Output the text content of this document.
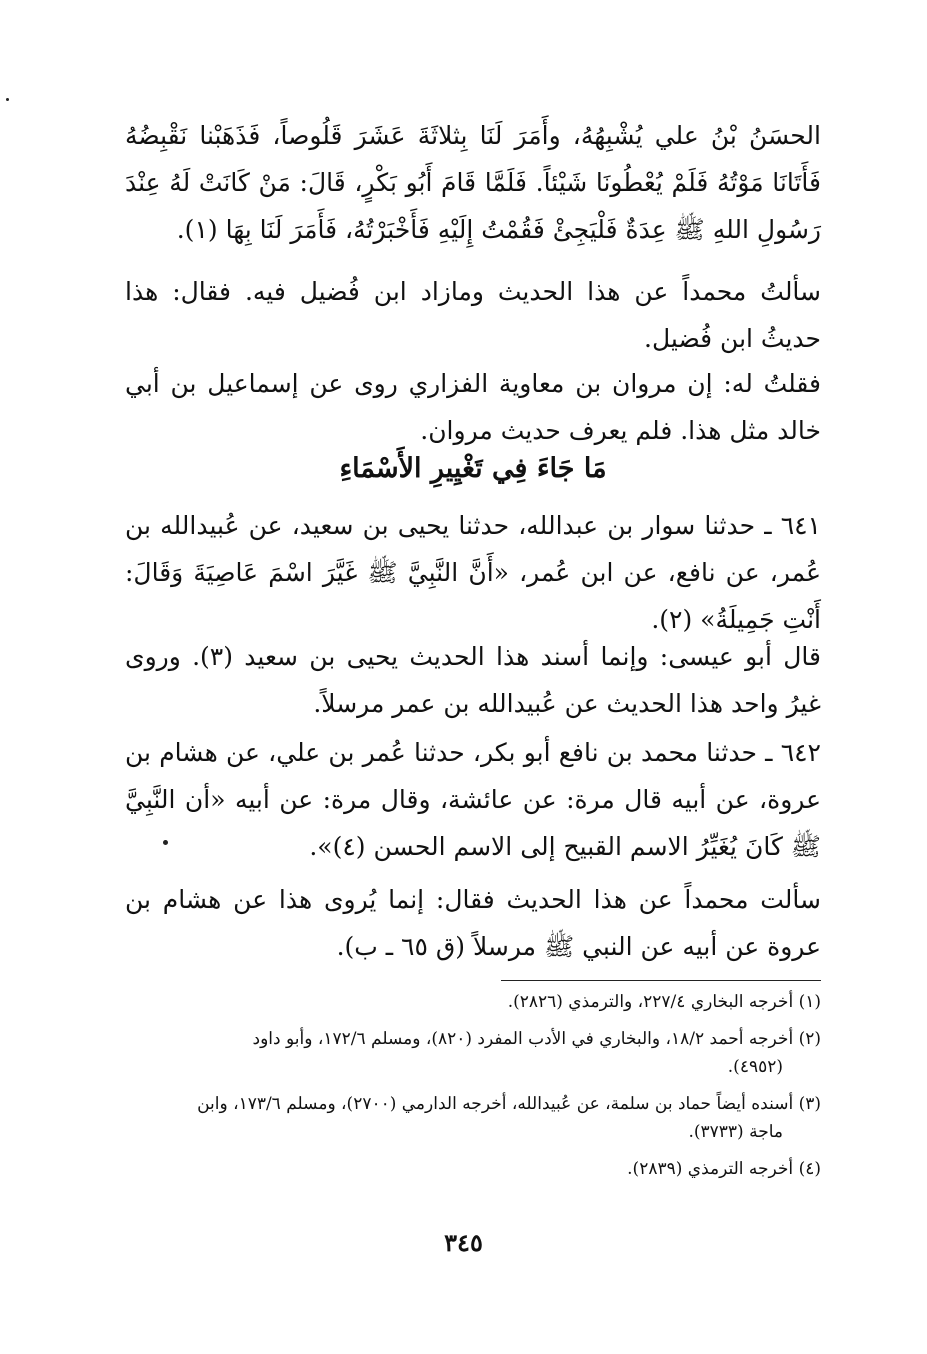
الحسَنُ بْنُ علي يُشْبِهُهُ، وأَمَرَ لَنَا بِثلاثَةَ عَشَرَ قَلُوصاً، فَذَهَبْنا نَقْبِضُهُ فَأَتَانَا مَوْتُهُ فَلَمْ يُعْطُونَا شَيْئاً. فَلَمَّا قَامَ أَبُو بَكْرٍ، قَالَ: مَنْ كَانَتْ لَهُ عِنْدَ رَسُولِ اللهِ ﷺ عِدَةٌ فَلْيَجِئْ فَقُمْتُ إِلَيْهِ فَأَخْبَرْتُهُ، فَأَمَرَ لَنَا بِهَا (١).

سألتُ محمداً عن هذا الحديث ومازاد ابن فُضيل فيه. فقال: هذا حديثُ ابن فُضيل.

فقلتُ له: إن مروان بن معاوية الفزاري روى عن إسماعيل بن أبي خالد مثل هذا. فلم يعرف حديث مروان.

مَا جَاءَ فِي تَغْيِيرِ الأَسْمَاءِ

٦٤١ ـ حدثنا سوار بن عبدالله، حدثنا يحيى بن سعيد، عن عُبيدالله بن عُمر، عن نافع، عن ابن عُمر، «أَنَّ النَّبِيَّ ﷺ غَيَّرَ اسْمَ عَاصِيَةَ وَقَالَ: أَنْتِ جَمِيلَةُ» (٢).

قال أبو عيسى: وإنما أسند هذا الحديث يحيى بن سعيد (٣). وروى غيرُ واحد هذا الحديث عن عُبيدالله بن عمر مرسلاً.

٦٤٢ ـ حدثنا محمد بن نافع أبو بكر، حدثنا عُمر بن علي، عن هشام بن عروة، عن أبيه قال مرة: عن عائشة، وقال مرة: عن أبيه «أن النَّبِيَّ ﷺ كَانَ يُغَيِّرُ الاسم القبيح إلى الاسم الحسن (٤)».

سألت محمداً عن هذا الحديث فقال: إنما يُروى هذا عن هشام بن عروة عن أبيه عن النبي ﷺ مرسلاً (ق ٦٥ ـ ب).

(١) أخرجه البخاري ٢٢٧/٤، والترمذي (٢٨٢٦).

(٢) أخرجه أحمد ١٨/٢، والبخاري في الأدب المفرد (٨٢٠)، ومسلم ١٧٢/٦، وأبو داود
(٤٩٥٢).

(٣) أسنده أيضاً حماد بن سلمة، عن عُبيدالله، أخرجه الدارمي (٢٧٠٠)، ومسلم ١٧٣/٦، وابن
ماجة (٣٧٣٣).

(٤) أخرجه الترمذي (٢٨٣٩).

٣٤٥
